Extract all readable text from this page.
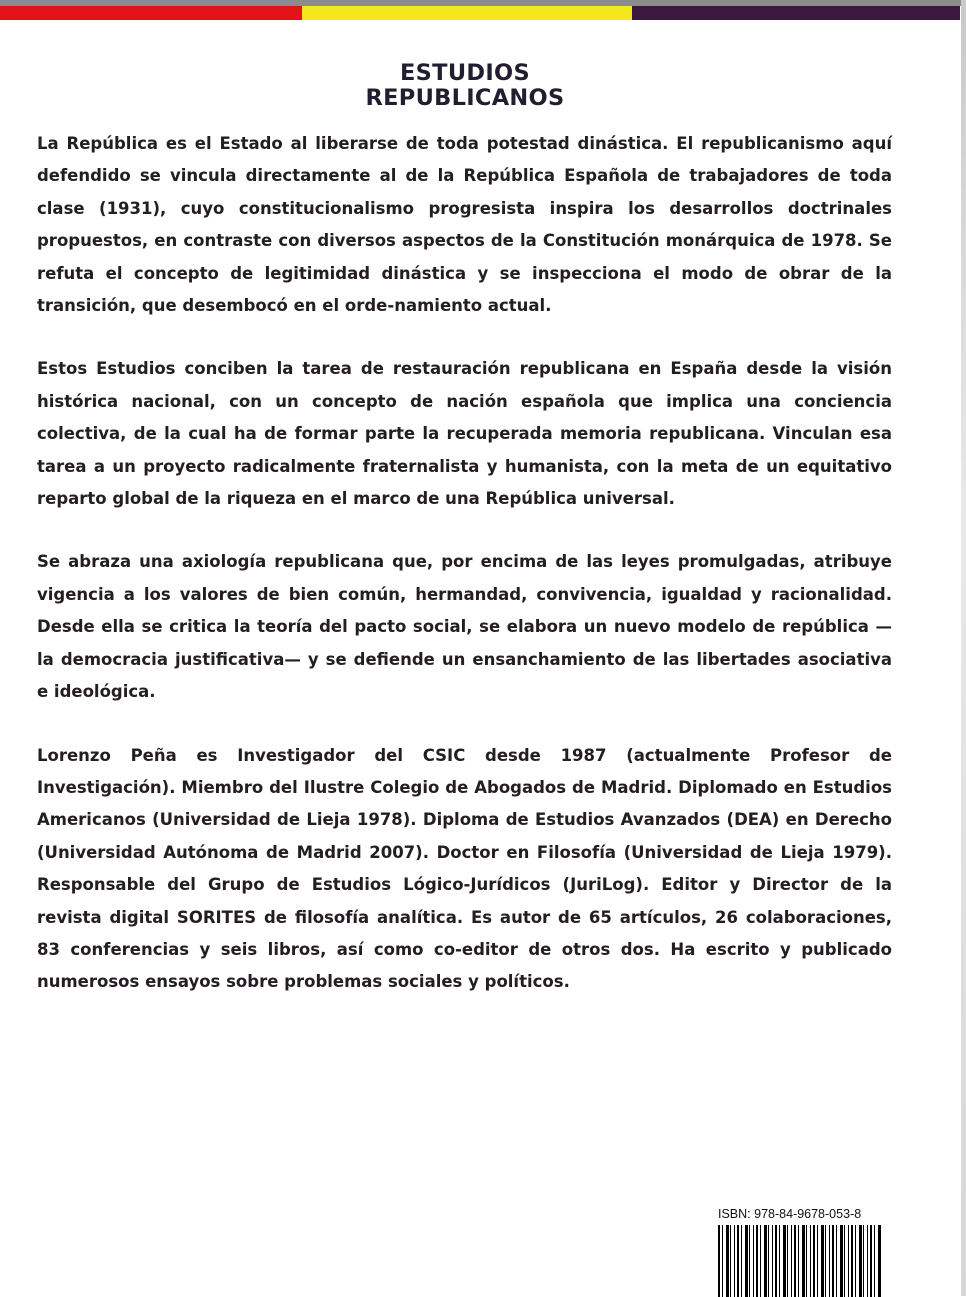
ESTUDIOS
REPUBLICANOS

La República es el Estado al liberarse de toda potestad dinástica. El republicanismo aquí defendido se vincula directamente al de la República Española de trabajadores de toda clase (1931), cuyo constitucionalismo progresista inspira los desarrollos doctrinales propuestos, en contraste con diversos aspectos de la Constitución monárquica de 1978. Se refuta el concepto de legitimidad dinástica y se inspecciona el modo de obrar de la transición, que desembocó en el orde-namiento actual.

Estos Estudios conciben la tarea de restauración republicana en España desde la visión histórica nacional, con un concepto de nación española que implica una conciencia colectiva, de la cual ha de formar parte la recuperada memoria republicana. Vinculan esa tarea a un proyecto radicalmente fraternalista y humanista, con la meta de un equitativo reparto global de la riqueza en el marco de una República universal.

Se abraza una axiología republicana que, por encima de las leyes promulgadas, atribuye vigencia a los valores de bien común, hermandad, convivencia, igualdad y racionalidad. Desde ella se critica la teoría del pacto social, se elabora un nuevo modelo de república —la democracia justificativa— y se defiende un ensanchamiento de las libertades asociativa e ideológica.

Lorenzo Peña es Investigador del CSIC desde 1987 (actualmente Profesor de Investigación). Miembro del Ilustre Colegio de Abogados de Madrid. Diplomado en Estudios Americanos (Universidad de Lieja 1978). Diploma de Estudios Avanzados (DEA) en Derecho (Universidad Autónoma de Madrid 2007). Doctor en Filosofía (Universidad de Lieja 1979). Responsable del Grupo de Estudios Lógico-Jurídicos (JuriLog). Editor y Director de la revista digital SORITES de filosofía analítica. Es autor de 65 artículos, 26 colaboraciones, 83 conferencias y seis libros, así como co-editor de otros dos. Ha escrito y publicado numerosos ensayos sobre problemas sociales y políticos.

ISBN: 978-84-9678-053-8
